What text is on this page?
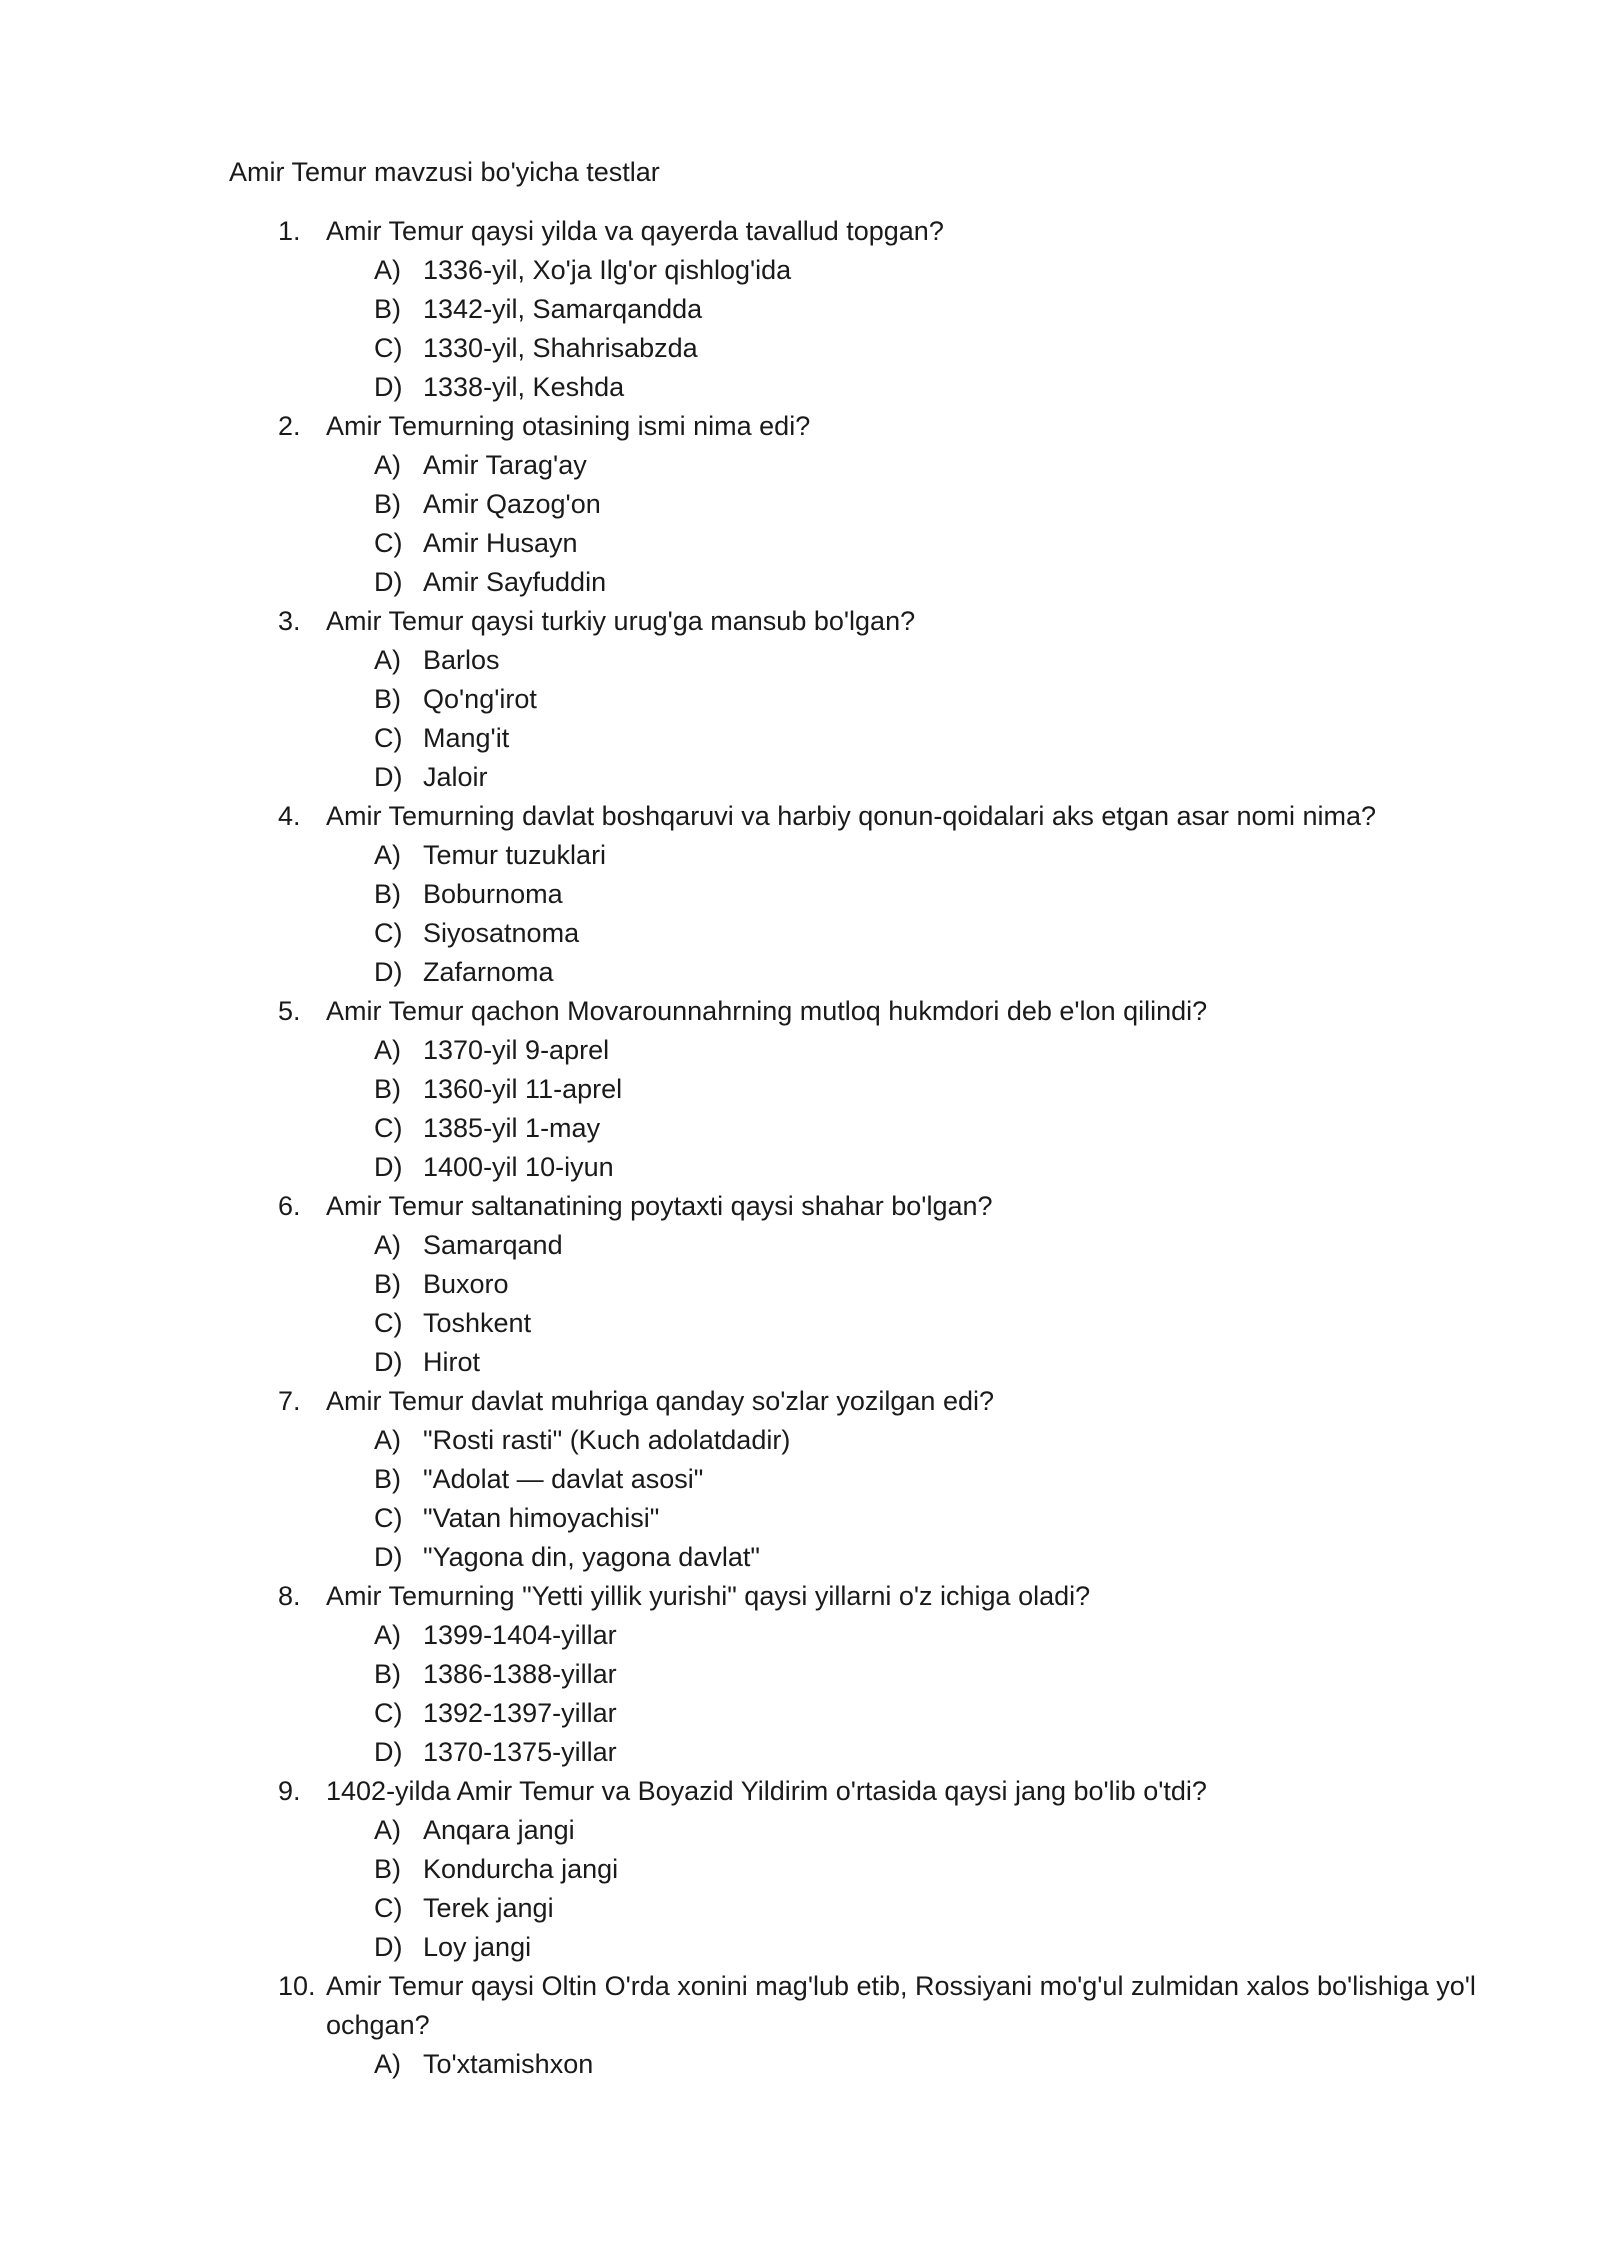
Amir Temur mavzusi bo'yicha testlar
1. Amir Temur qaysi yilda va qayerda tavallud topgan?
A) 1336-yil, Xo'ja Ilg'or qishlog'ida
B) 1342-yil, Samarqandda
C) 1330-yil, Shahrisabzda
D) 1338-yil, Keshda
2. Amir Temurning otasining ismi nima edi?
A) Amir Tarag'ay
B) Amir Qazog'on
C) Amir Husayn
D) Amir Sayfuddin
3. Amir Temur qaysi turkiy urug'ga mansub bo'lgan?
A) Barlos
B) Qo'ng'irot
C) Mang'it
D) Jaloir
4. Amir Temurning davlat boshqaruvi va harbiy qonun-qoidalari aks etgan asar nomi nima?
A) Temur tuzuklari
B) Boburnoma
C) Siyosatnoma
D) Zafarnoma
5. Amir Temur qachon Movarounnahrning mutloq hukmdori deb e'lon qilindi?
A) 1370-yil 9-aprel
B) 1360-yil 11-aprel
C) 1385-yil 1-may
D) 1400-yil 10-iyun
6. Amir Temur saltanatining poytaxti qaysi shahar bo'lgan?
A) Samarqand
B) Buxoro
C) Toshkent
D) Hirot
7. Amir Temur davlat muhriga qanday so'zlar yozilgan edi?
A) "Rosti rasti" (Kuch adolatdadir)
B) "Adolat — davlat asosi"
C) "Vatan himoyachisi"
D) "Yagona din, yagona davlat"
8. Amir Temurning "Yetti yillik yurishi" qaysi yillarni o'z ichiga oladi?
A) 1399-1404-yillar
B) 1386-1388-yillar
C) 1392-1397-yillar
D) 1370-1375-yillar
9. 1402-yilda Amir Temur va Boyazid Yildirim o'rtasida qaysi jang bo'lib o'tdi?
A) Anqara jangi
B) Kondurcha jangi
C) Terek jangi
D) Loy jangi
10. Amir Temur qaysi Oltin O'rda xonini mag'lub etib, Rossiyani mo'g'ul zulmidan xalos bo'lishiga yo'l ochgan?
A) To'xtamishxon
